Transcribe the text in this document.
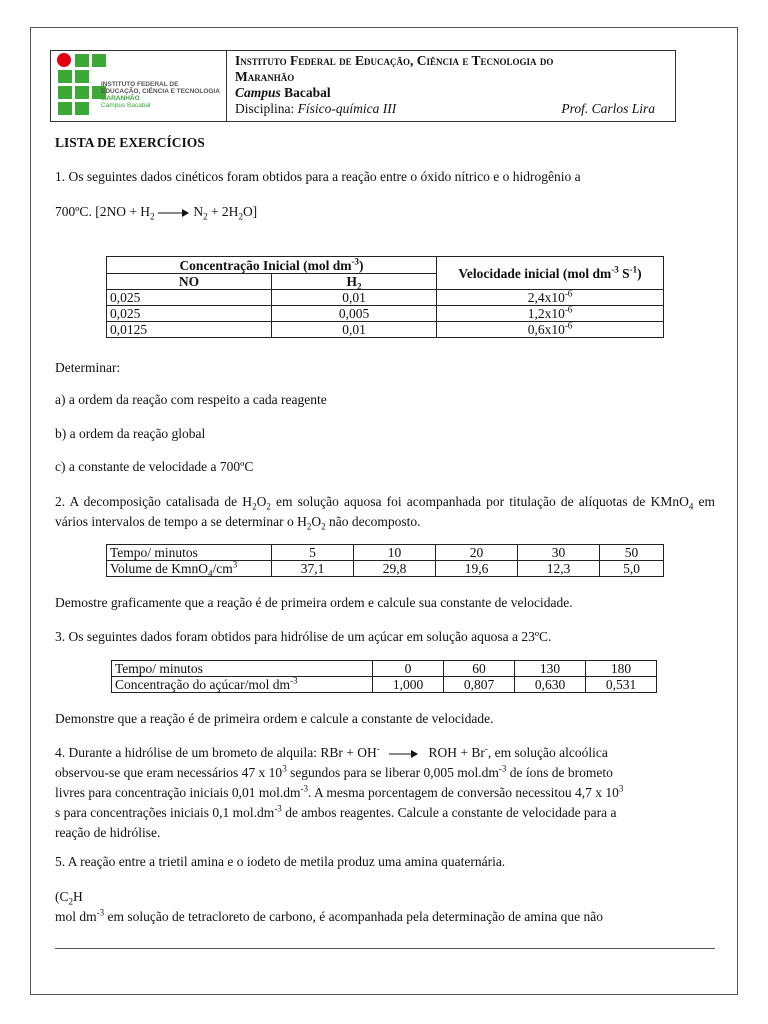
INSTITUTO FEDERAL DE
EDUCAÇÃO, CIÊNCIA E TECNOLOGIA
MARANHÃO
Campus Bacabal
Instituto Federal de Educação, Ciência e Tecnologia do
Maranhão
Campus Bacabal
Disciplina: Físico-química III	Prof. Carlos Lira
LISTA DE EXERCÍCIOS
1. Os seguintes dados cinéticos foram obtidos para a reação entre o óxido nítrico e o hidrogênio a
700ºC. [$2NO + H_2$	$N_2 + 2H_2O$]
Concentração Inicial (mol $dm^{-3}$)		Velocidade inicial (mol $dm^{-3}$ $S^{-1}$)
NO	$H_2$
0,025	0,01	$2,4x10^{-6}$
0,025	0,005	$1,2x10^{-6}$
0,0125	0,01	$0,6x10^{-6}$
Determinar:
a) a ordem da reação com respeito a cada reagente
b) a ordem da reação global
c) a constante de velocidade a 700ºC
2. A decomposição catalisada de $H_2O_2$ em solução aquosa foi acompanhada por titulação de alíquotas de KMnO$_4$ em vários intervalos de tempo a se determinar o $H_2O_2$ não decomposto.
Tempo/ minutos	5	10	20	30	50
Volume de $KmnO_4/cm^3$	37,1	29,8	19,6	12,3	5,0
Demostre graficamente que a reação é de primeira ordem e calcule sua constante de velocidade.
3. Os seguintes dados foram obtidos para hidrólise de um açúcar em solução aquosa a 23ºC.
Tempo/ minutos	0	60	130	180
Concentração do açúcar/mol $dm^{-3}$	1,000	0,807	0,630	0,531
Demonstre que a reação é de primeira ordem e calcule a constante de velocidade.
4. Durante a hidrólise de um brometo de alquila: RBr + OH-	ROH + Br-, em solução alcoólica
observou-se que eram necessários 47 x $10^3$ segundos para se liberar 0,005 $mol.dm^{-3}$ de íons de brometo
livres para concentração iniciais 0,01 $mol.dm^{-3}$. A mesma porcentagem de conversão necessitou 4,7 x $10^3$
s para concentrações iniciais 0,1 $mol.dm^{-3}$ de ambos reagentes. Calcule a constante de velocidade para a
reação de hidrólise.
5. A reação entre a trietil amina e o iodeto de metila produz uma amina quaternária.
($C_2H$
mol $dm^{-3}$ em solução de tetracloreto de carbono, é acompanhada pela determinação de amina que não
